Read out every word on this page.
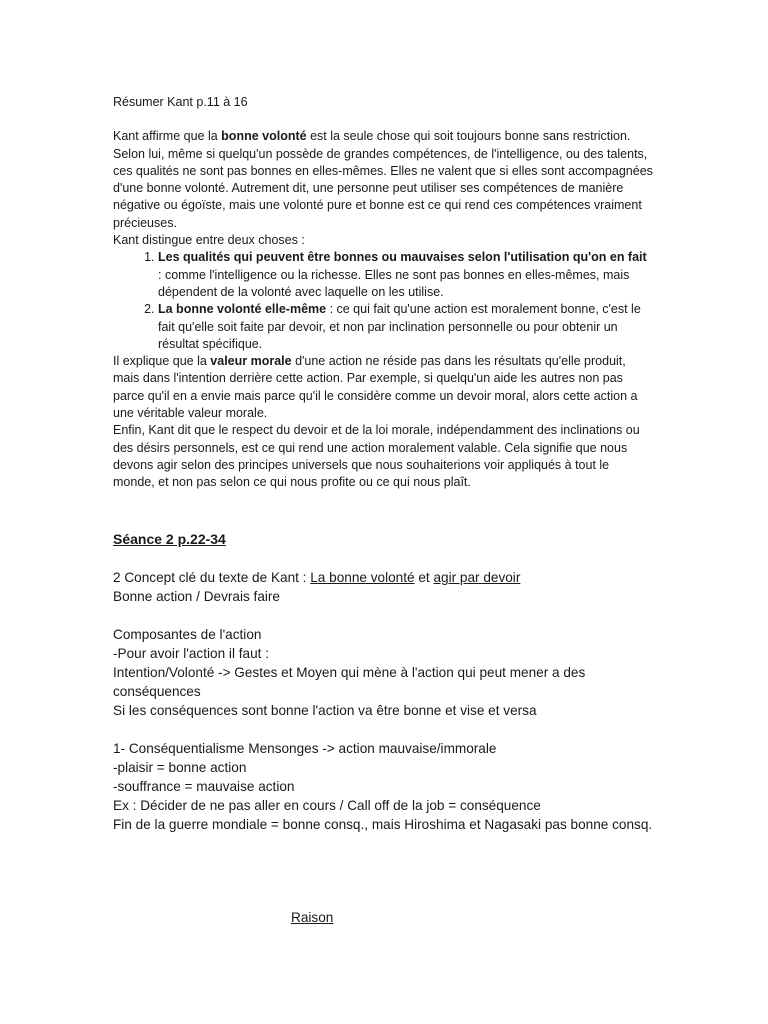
Résumer Kant p.11 à 16

Kant affirme que la bonne volonté est la seule chose qui soit toujours bonne sans restriction. Selon lui, même si quelqu'un possède de grandes compétences, de l'intelligence, ou des talents, ces qualités ne sont pas bonnes en elles-mêmes. Elles ne valent que si elles sont accompagnées d'une bonne volonté. Autrement dit, une personne peut utiliser ses compétences de manière négative ou égoïste, mais une volonté pure et bonne est ce qui rend ces compétences vraiment précieuses.

Kant distingue entre deux choses :

1. Les qualités qui peuvent être bonnes ou mauvaises selon l'utilisation qu'on en fait : comme l'intelligence ou la richesse. Elles ne sont pas bonnes en elles-mêmes, mais dépendent de la volonté avec laquelle on les utilise.
2. La bonne volonté elle-même : ce qui fait qu'une action est moralement bonne, c'est le fait qu'elle soit faite par devoir, et non par inclination personnelle ou pour obtenir un résultat spécifique.

Il explique que la valeur morale d'une action ne réside pas dans les résultats qu'elle produit, mais dans l'intention derrière cette action. Par exemple, si quelqu'un aide les autres non pas parce qu'il en a envie mais parce qu'il le considère comme un devoir moral, alors cette action a une véritable valeur morale.

Enfin, Kant dit que le respect du devoir et de la loi morale, indépendamment des inclinations ou des désirs personnels, est ce qui rend une action moralement valable. Cela signifie que nous devons agir selon des principes universels que nous souhaiterions voir appliqués à tout le monde, et non pas selon ce qui nous profite ou ce qui nous plaît.

Séance 2 p.22-34

2 Concept clé du texte de Kant : La bonne volonté et agir par devoir

Bonne action / Devrais faire

Composantes de l'action

-Pour avoir l'action il faut :

Intention/Volonté -> Gestes et Moyen qui mène à l'action qui peut mener a des conséquences

Si les conséquences sont bonne l'action va être bonne et vise et versa

1- Conséquentialisme Mensonges -> action mauvaise/immorale

-plaisir = bonne action

-souffrance = mauvaise action

Ex : Décider de ne pas aller en cours / Call off de la job = conséquence

Fin de la guerre mondiale = bonne consq., mais Hiroshima et Nagasaki pas bonne consq.

Raison
